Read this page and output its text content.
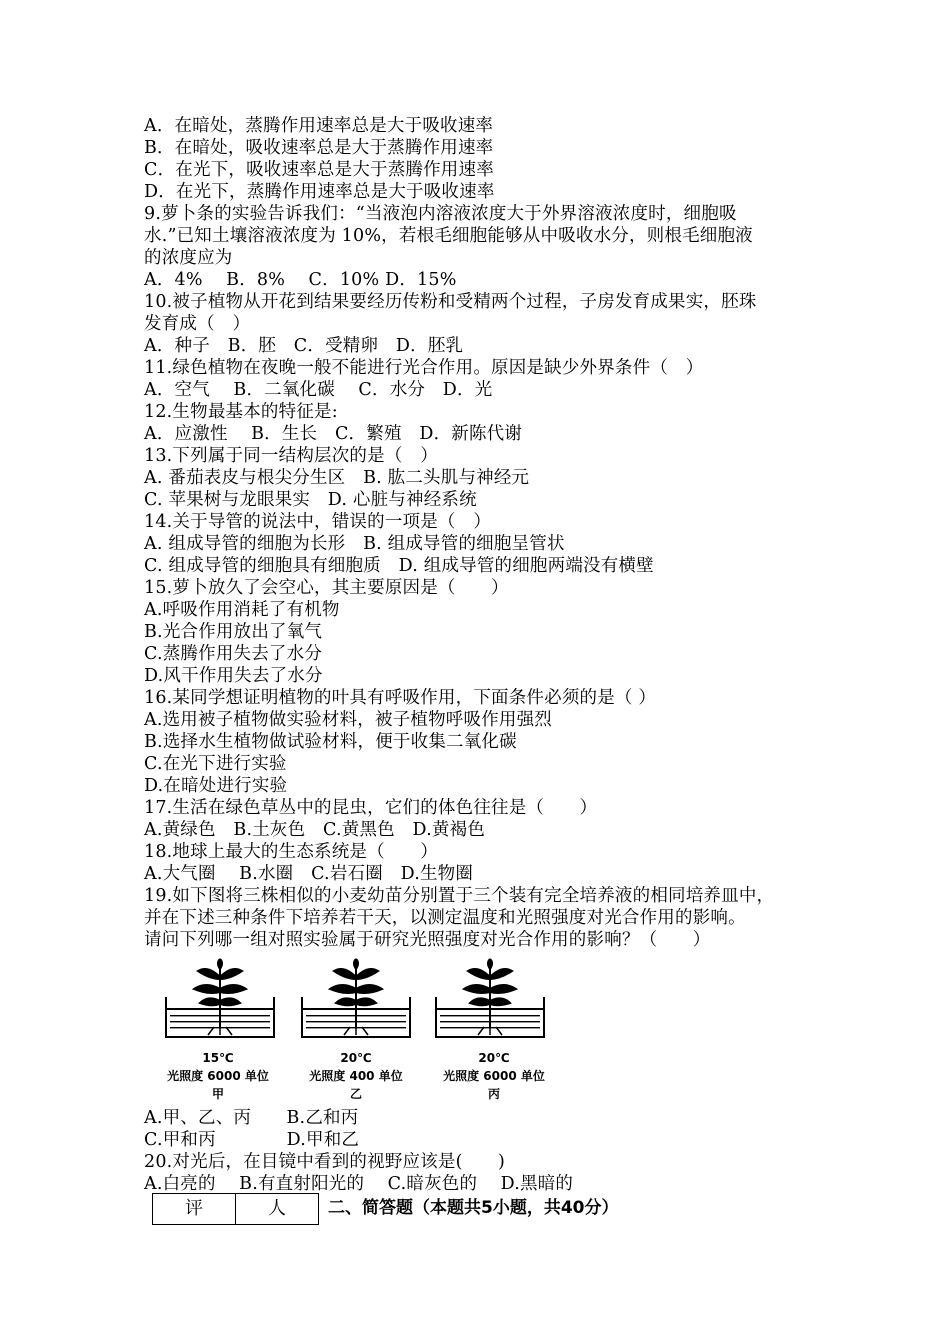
A．在暗处，蒸腾作用速率总是大于吸收速率
B．在暗处，吸收速率总是大于蒸腾作用速率
C．在光下，吸收速率总是大于蒸腾作用速率
D．在光下，蒸腾作用速率总是大于吸收速率
9.萝卜条的实验告诉我们：“当液泡内溶液浓度大于外界溶液浓度时，细胞吸
水.”已知土壤溶液浓度为 10%，若根毛细胞能够从中吸收水分，则根毛细胞液
的浓度应为
A．4%　 B．8%　 C．10% D．15%
10.被子植物从开花到结果要经历传粉和受精两个过程，子房发育成果实，胚珠
发育成（　）
A．种子　B．胚　C．受精卵　D．胚乳
11.绿色植物在夜晚一般不能进行光合作用。原因是缺少外界条件（　）
A．空气　 B．二氧化碳　 C．水分　D．光
12.生物最基本的特征是:
A．应激性　 B．生长　C．繁殖　D．新陈代谢
13.下列属于同一结构层次的是（　）
A. 番茄表皮与根尖分生区　B. 肱二头肌与神经元
C. 苹果树与龙眼果实　D. 心脏与神经系统
14.关于导管的说法中，错误的一项是（　）
A. 组成导管的细胞为长形　B. 组成导管的细胞呈管状
C. 组成导管的细胞具有细胞质　D. 组成导管的细胞两端没有横壁
15.萝卜放久了会空心，其主要原因是（　　）
A.呼吸作用消耗了有机物
B.光合作用放出了氧气
C.蒸腾作用失去了水分
D.风干作用失去了水分
16.某同学想证明植物的叶具有呼吸作用，下面条件必须的是（ ）
A.选用被子植物做实验材料，被子植物呼吸作用强烈
B.选择水生植物做试验材料，便于收集二氧化碳
C.在光下进行实验
D.在暗处进行实验
17.生活在绿色草丛中的昆虫，它们的体色往往是（　　）
A.黄绿色　B.土灰色　C.黄黑色　D.黄褐色
18.地球上最大的生态系统是（　　）
A.大气圈　 B.水圈　C.岩石圈　D.生物圈
19.如下图将三株相似的小麦幼苗分别置于三个装有完全培养液的相同培养皿中，
并在下述三种条件下培养若干天，以测定温度和光照强度对光合作用的影响。
请问下列哪一组对照实验属于研究光照强度对光合作用的影响？（　　）
15℃
光照度 6000 单位
甲
20℃
光照度 400 单位
乙
20℃
光照度 6000 单位
丙
A.甲、乙、丙　　B.乙和丙
C.甲和丙　　　　D.甲和乙
20.对光后，在目镜中看到的视野应该是(　　)
A.白亮的　 B.有直射阳光的　 C.暗灰色的　 D.黑暗的
评	人	二、简答题（本题共5小题，共40分）
